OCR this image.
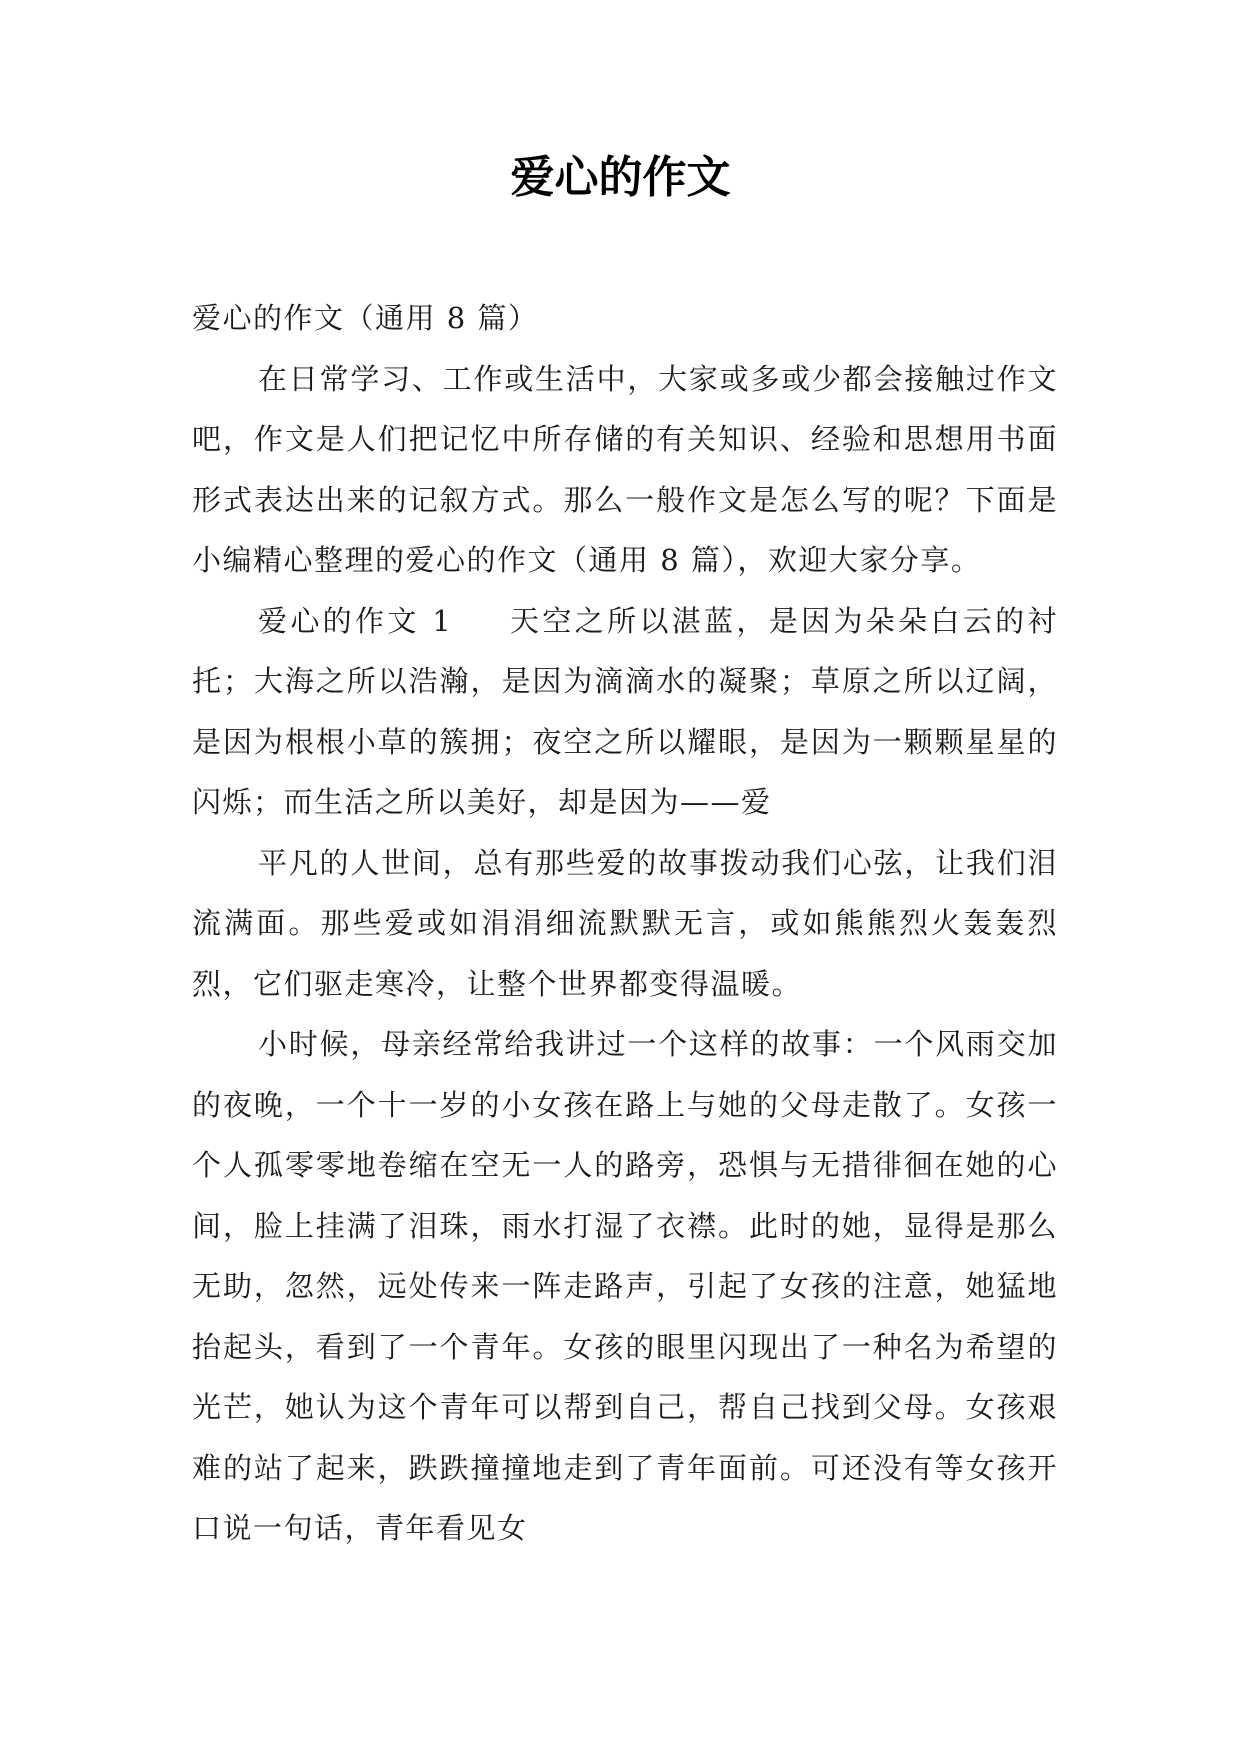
爱心的作文

爱心的作文（通用 8 篇）

在日常学习、工作或生活中，大家或多或少都会接触过作文吧，作文是人们把记忆中所存储的有关知识、经验和思想用书面形式表达出来的记叙方式。那么一般作文是怎么写的呢？下面是小编精心整理的爱心的作文（通用 8 篇），欢迎大家分享。

爱心的作文 1 天空之所以湛蓝，是因为朵朵白云的衬托；大海之所以浩瀚，是因为滴滴水的凝聚；草原之所以辽阔，是因为根根小草的簇拥；夜空之所以耀眼，是因为一颗颗星星的闪烁；而生活之所以美好，却是因为——爱

平凡的人世间，总有那些爱的故事拨动我们心弦，让我们泪流满面。那些爱或如涓涓细流默默无言，或如熊熊烈火轰轰烈烈，它们驱走寒冷，让整个世界都变得温暖。

小时候，母亲经常给我讲过一个这样的故事：一个风雨交加的夜晚，一个十一岁的小女孩在路上与她的父母走散了。女孩一个人孤零零地卷缩在空无一人的路旁，恐惧与无措徘徊在她的心间，脸上挂满了泪珠，雨水打湿了衣襟。此时的她，显得是那么无助，忽然，远处传来一阵走路声，引起了女孩的注意，她猛地抬起头，看到了一个青年。女孩的眼里闪现出了一种名为希望的光芒，她认为这个青年可以帮到自己，帮自己找到父母。女孩艰难的站了起来，跌跌撞撞地走到了青年面前。可还没有等女孩开口说一句话，青年看见女
